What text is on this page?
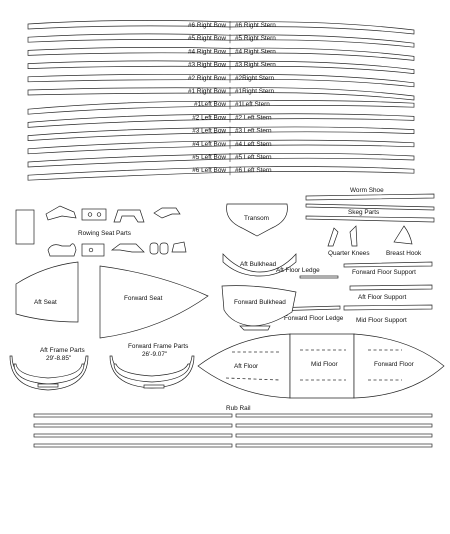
#6 Right Bow #6 Right Stern
#5 Right Bow #5 Right Stern
#4 Right Bow #4 Right Stern
#3 Right Bow #3 Right Stern
#2 Right Bow #2Right Stern
#1 Right Bow #1Right Stern
#1Left Bow #1Left Stern
#2 Left Bow #2 Left Stern
#3 Left Bow #3 Left Stern
#4 Left Bow #4 Left Stern
#5 Left Bow #5 Left Stern
#6 Left Bow #6 Left Stern
Worm Shoe
Skeg Parts
Rowing Seat Parts
Transom
Aft Bulkhead
Quarter Knees	Breast Hook
Forward Floor Support
Aft Floor Ledge
Aft Floor Support
Mid Floor Support
Forward Floor Ledge
Aft Seat
Forward Seat
Forward Bulkhead
Aft Frame Parts
29'-8.85"
Forward Frame Parts
26'-9.07"
Aft Floor	Mid Floor	Forward Floor
Rub Rail
